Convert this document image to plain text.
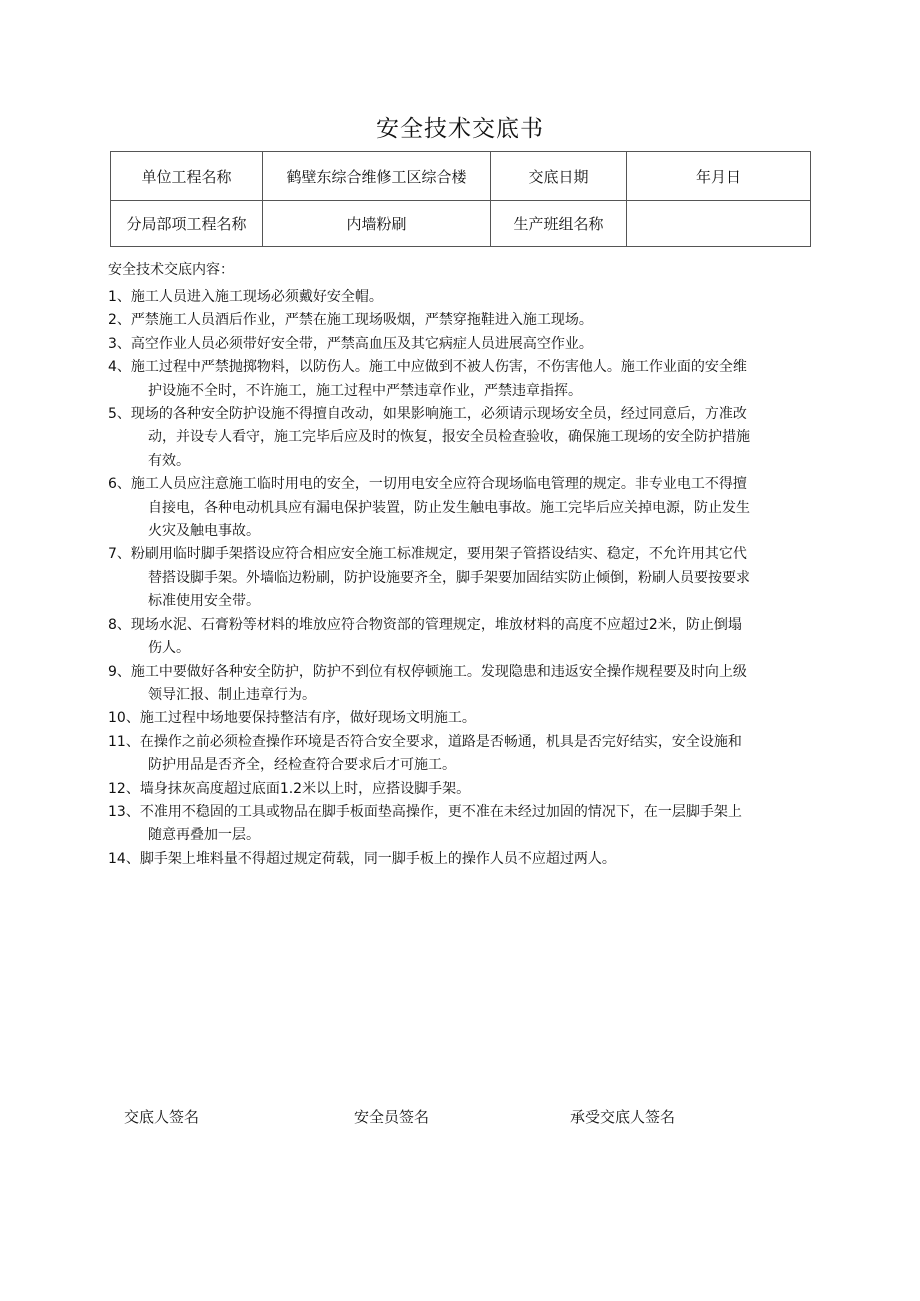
安全技术交底书
单位工程名称	鹤壁东综合维修工区综合楼	交底日期	年月日
分局部项工程名称	内墙粉刷	生产班组名称	
安全技术交底内容：
1、施工人员进入施工现场必须戴好安全帽。
2、严禁施工人员酒后作业，严禁在施工现场吸烟，严禁穿拖鞋进入施工现场。
3、高空作业人员必须带好安全带，严禁高血压及其它病症人员进展高空作业。
4、施工过程中严禁抛掷物料，以防伤人。施工中应做到不被人伤害，不伤害他人。施工作业面的安全维
护设施不全时，不许施工，施工过程中严禁违章作业，严禁违章指挥。
5、现场的各种安全防护设施不得擅自改动，如果影响施工，必须请示现场安全员，经过同意后，方准改
动，并设专人看守，施工完毕后应及时的恢复，报安全员检查验收，确保施工现场的安全防护措施
有效。
6、施工人员应注意施工临时用电的安全，一切用电安全应符合现场临电管理的规定。非专业电工不得擅
自接电，各种电动机具应有漏电保护装置，防止发生触电事故。施工完毕后应关掉电源，防止发生
火灾及触电事故。
7、粉刷用临时脚手架搭设应符合相应安全施工标准规定，要用架子管搭设结实、稳定，不允许用其它代
替搭设脚手架。外墙临边粉刷，防护设施要齐全，脚手架要加固结实防止倾倒，粉刷人员要按要求
标准使用安全带。
8、现场水泥、石膏粉等材料的堆放应符合物资部的管理规定，堆放材料的高度不应超过2米，防止倒塌
伤人。
9、施工中要做好各种安全防护，防护不到位有权停顿施工。发现隐患和违返安全操作规程要及时向上级
领导汇报、制止违章行为。
10、施工过程中场地要保持整洁有序，做好现场文明施工。
11、在操作之前必须检查操作环境是否符合安全要求，道路是否畅通，机具是否完好结实，安全设施和
防护用品是否齐全，经检查符合要求后才可施工。
12、墙身抹灰高度超过底面1.2米以上时，应搭设脚手架。
13、不准用不稳固的工具或物品在脚手板面垫高操作，更不准在未经过加固的情况下，在一层脚手架上
随意再叠加一层。
14、脚手架上堆料量不得超过规定荷载，同一脚手板上的操作人员不应超过两人。
交底人签名	安全员签名	承受交底人签名
